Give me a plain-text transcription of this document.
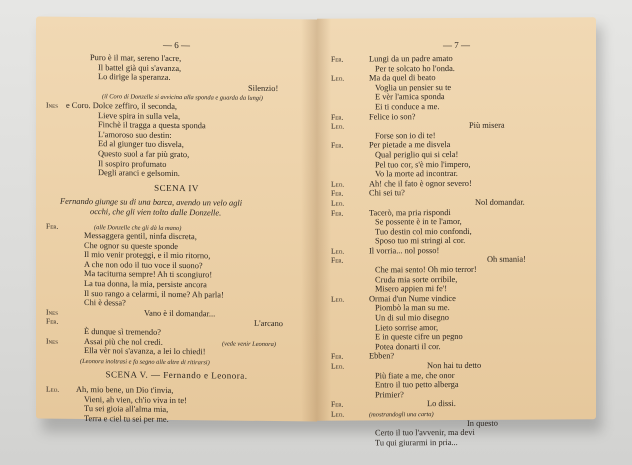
— 6 —
Puro è il mar, sereno l'acre,
Il battel già qui s'avanza,
Lo dirige la speranza.
Silenzio!
(il Coro di Donzelle si avvicina alla sponda e guarda da lungi)
Ines e Coro. Dolce zeffiro, il seconda,
Lieve spira in sulla vela,
Finchè il tragga a questa sponda
L'amoroso suo destin:
Ed al giunger tuo disvela,
Questo suol a far più grato,
Il sospiro profumato
Degli aranci e gelsomin.
SCENA IV
Fernando giunge su di una barca, avendo un velo agli
occhi, che gli vien tolto dalle Donzelle.
Fer.	(alle Donzelle che gli dà la mano)
Messaggera gentil, ninfa discreta,
Che ognor su queste sponde
Il mio venir proteggi, e il mio ritorno,
A che non odo il tuo voce il suono?
Ma taciturna sempre! Ah ti scongiuro!
La tua donna, la mia, persiste ancora
Il suo rango a celarmi, il nome? Ah parla!
Chi è dessa?
Ines	Vano è il domandar...
Fer.	L'arcano
È dunque sì tremendo?
Ines	Assai più che nol credi.	(vede venir Leonora)
Ella vèr noi s'avanza, a lei lo chiedi!
(Leonora inoltrasi e fa segno alle altre di ritirarsi)
SCENA V. — Fernando e Leonora.
Leo. Ah, mio bene, un Dio t'invia,
Vieni, ah vien, ch'io viva in te!
Tu sei gioia all'alma mia,
Terra e ciel tu sei per me.
— 7 —
Fer.	Lungi da un padre amato
Per te solcato ho l'onda.
Leo.	Ma da quel di beato
Voglia un pensier su te
E vèr l'amica sponda
Ei ti conduce a me.
Fer.	Felice io son?
Leo.	Più misera
Forse son io di te!
Fer.	Per pietade a me disvela
Qual periglio qui si cela!
Pel tuo cor, s'è mio l'impero,
Vo la morte ad incontrar.
Leo.	Ah! che il fato è ognor severo!
Fer.	Chi sei tu?
Leo.	Nol domandar.
Fer.	Tacerò, ma pria rispondi
Se possente è in te l'amor,
Tuo destin col mio confondi,
Sposo tuo mi stringi al cor.
Leo.	Il vorria... nol posso!
Fer.	Oh smania!
Che mai sento! Oh mio terror!
Cruda mia sorte orribile,
Misero appien mi fe'!
Leo.	Ormai d'un Nume vindice
Piombò la man su me.
Un di sul mio disegno
Lieto sorrise amor,
E in queste cifre un pegno
Potea donarti il cor.
Fer.	Ebben?
Leo.	Non hai tu detto
Più fiate a me, che onor
Entro il tuo petto alberga
Primier?
Fer.	Lo dissi.
Leo.	(mostrandogli una carta)
In questo
Certo il tuo l'avvenir, ma devi
Tu qui giurarmi in pria...
